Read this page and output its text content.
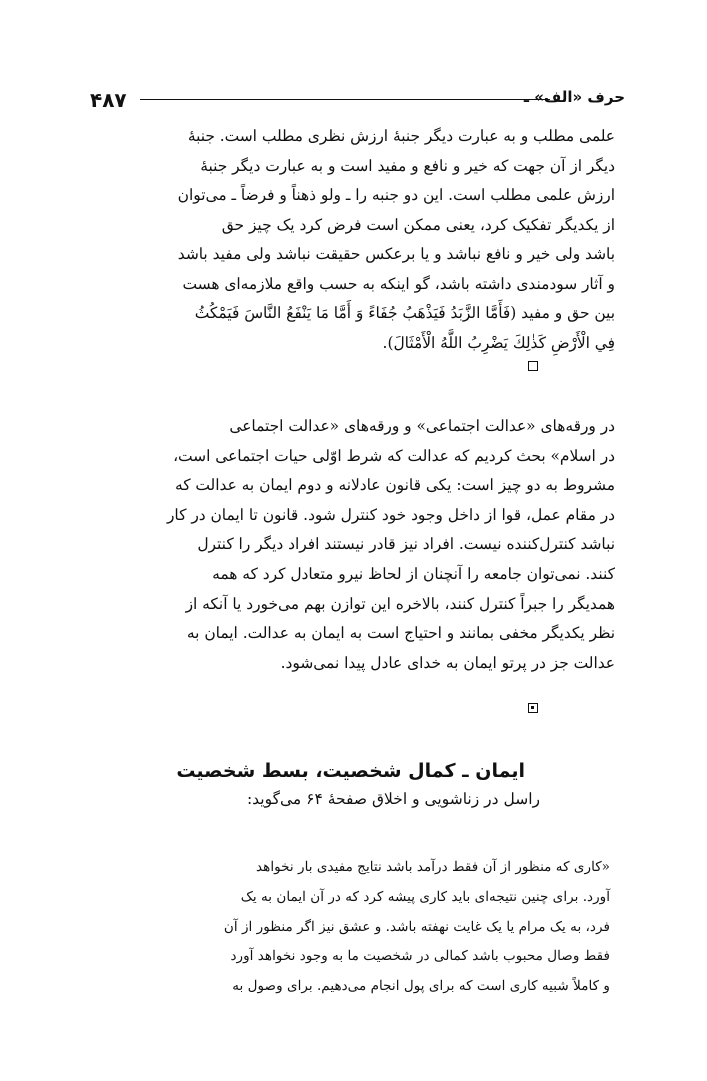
۴۸۷	حرف «الف» ـ

علمی مطلب و به عبارت دیگر جنبهٔ ارزش نظری مطلب است. جنبهٔ

دیگر از آن جهت که خیر و نافع و مفید است و به عبارت دیگر جنبهٔ

ارزش علمی مطلب است. این دو جنبه را ـ ولو ذهناً و فرضاً ـ می‌توان

از یکدیگر تفکیک کرد، یعنی ممکن است فرض کرد یک چیز حق

باشد ولی خیر و نافع نباشد و یا برعکس حقیقت نباشد ولی مفید باشد

و آثار سودمندی داشته باشد، گو اینکه به حسب واقع ملازمه‌ای هست

بین حق و مفید (فَأَمَّا الزَّبَدُ فَيَذْهَبُ جُفَاءً وَ أَمَّا مَا يَنْفَعُ النَّاسَ فَيَمْكُثُ

فِي الْأَرْضِ كَذٰلِكَ يَضْرِبُ اللَّهُ الْأَمْثَالَ).

در ورقه‌های «عدالت اجتماعی» و ورقه‌های «عدالت اجتماعی

در اسلام» بحث کردیم که عدالت که شرط اوّلی حیات اجتماعی است،

مشروط به دو چیز است: یکی قانون عادلانه و دوم ایمان به عدالت که

در مقام عمل، قوا از داخل وجود خود کنترل شود. قانون تا ایمان در کار

نباشد کنترل‌کننده نیست. افراد نیز قادر نیستند افراد دیگر را کنترل

کنند. نمی‌توان جامعه را آنچنان از لحاظ نیرو متعادل کرد که همه

همدیگر را جبراً کنترل کنند، بالاخره این توازن بهم می‌خورد یا آنکه از

نظر یکدیگر مخفی بمانند و احتیاج است به ایمان به عدالت. ایمان به

عدالت جز در پرتو ایمان به خدای عادل پیدا نمی‌شود.

ایمان ـ کمال شخصیت، بسط شخصیت
راسل در زناشویی و اخلاق صفحهٔ ۶۴ می‌گوید:

«کاری که منظور از آن فقط درآمد باشد نتایج مفیدی بار نخواهد

آورد. برای چنین نتیجه‌ای باید کاری پیشه کرد که در آن ایمان به یک

فرد، به یک مرام یا یک غایت نهفته باشد. و عشق نیز اگر منظور از آن

فقط وصال محبوب باشد کمالی در شخصیت ما به وجود نخواهد آورد

و کاملاً شبیه کاری است که برای پول انجام می‌دهیم. برای وصول به
